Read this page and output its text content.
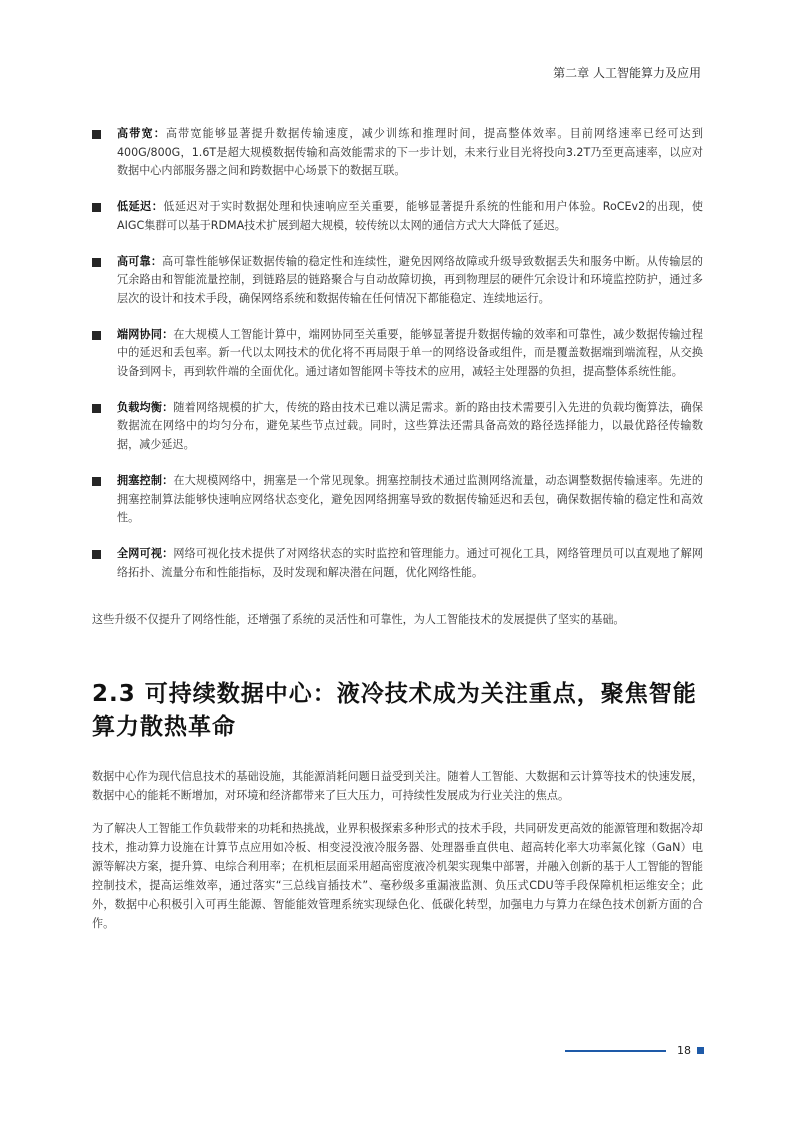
第二章 人工智能算力及应用
高带宽：高带宽能够显著提升数据传输速度，减少训练和推理时间，提高整体效率。目前网络速率已经可达到400G/800G，1.6T是超大规模数据传输和高效能需求的下一步计划，未来行业目光将投向3.2T乃至更高速率，以应对数据中心内部服务器之间和跨数据中心场景下的数据互联。
低延迟：低延迟对于实时数据处理和快速响应至关重要，能够显著提升系统的性能和用户体验。RoCEv2的出现，使AIGC集群可以基于RDMA技术扩展到超大规模，较传统以太网的通信方式大大降低了延迟。
高可靠：高可靠性能够保证数据传输的稳定性和连续性，避免因网络故障或升级导致数据丢失和服务中断。从传输层的冗余路由和智能流量控制，到链路层的链路聚合与自动故障切换，再到物理层的硬件冗余设计和环境监控防护，通过多层次的设计和技术手段，确保网络系统和数据传输在任何情况下都能稳定、连续地运行。
端网协同：在大规模人工智能计算中，端网协同至关重要，能够显著提升数据传输的效率和可靠性，减少数据传输过程中的延迟和丢包率。新一代以太网技术的优化将不再局限于单一的网络设备或组件，而是覆盖数据端到端流程，从交换设备到网卡，再到软件端的全面优化。通过诸如智能网卡等技术的应用，减轻主处理器的负担，提高整体系统性能。
负载均衡：随着网络规模的扩大，传统的路由技术已难以满足需求。新的路由技术需要引入先进的负载均衡算法，确保数据流在网络中的均匀分布，避免某些节点过载。同时，这些算法还需具备高效的路径选择能力，以最优路径传输数据，减少延迟。
拥塞控制：在大规模网络中，拥塞是一个常见现象。拥塞控制技术通过监测网络流量，动态调整数据传输速率。先进的拥塞控制算法能够快速响应网络状态变化，避免因网络拥塞导致的数据传输延迟和丢包，确保数据传输的稳定性和高效性。
全网可视：网络可视化技术提供了对网络状态的实时监控和管理能力。通过可视化工具，网络管理员可以直观地了解网络拓扑、流量分布和性能指标，及时发现和解决潜在问题，优化网络性能。
这些升级不仅提升了网络性能，还增强了系统的灵活性和可靠性，为人工智能技术的发展提供了坚实的基础。
2.3 可持续数据中心：液冷技术成为关注重点，聚焦智能算力散热革命
数据中心作为现代信息技术的基础设施，其能源消耗问题日益受到关注。随着人工智能、大数据和云计算等技术的快速发展，数据中心的能耗不断增加，对环境和经济都带来了巨大压力，可持续性发展成为行业关注的焦点。
为了解决人工智能工作负载带来的功耗和热挑战，业界积极探索多种形式的技术手段，共同研发更高效的能源管理和数据冷却技术，推动算力设施在计算节点应用如冷板、相变浸没液冷服务器、处理器垂直供电、超高转化率大功率氮化镓（GaN）电源等解决方案，提升算、电综合利用率；在机柜层面采用超高密度液冷机架实现集中部署，并融入创新的基于人工智能的智能控制技术，提高运维效率，通过落实“三总线盲插技术”、毫秒级多重漏液监测、负压式CDU等手段保障机柜运维安全；此外，数据中心积极引入可再生能源、智能能效管理系统实现绿色化、低碳化转型，加强电力与算力在绿色技术创新方面的合作。
18
